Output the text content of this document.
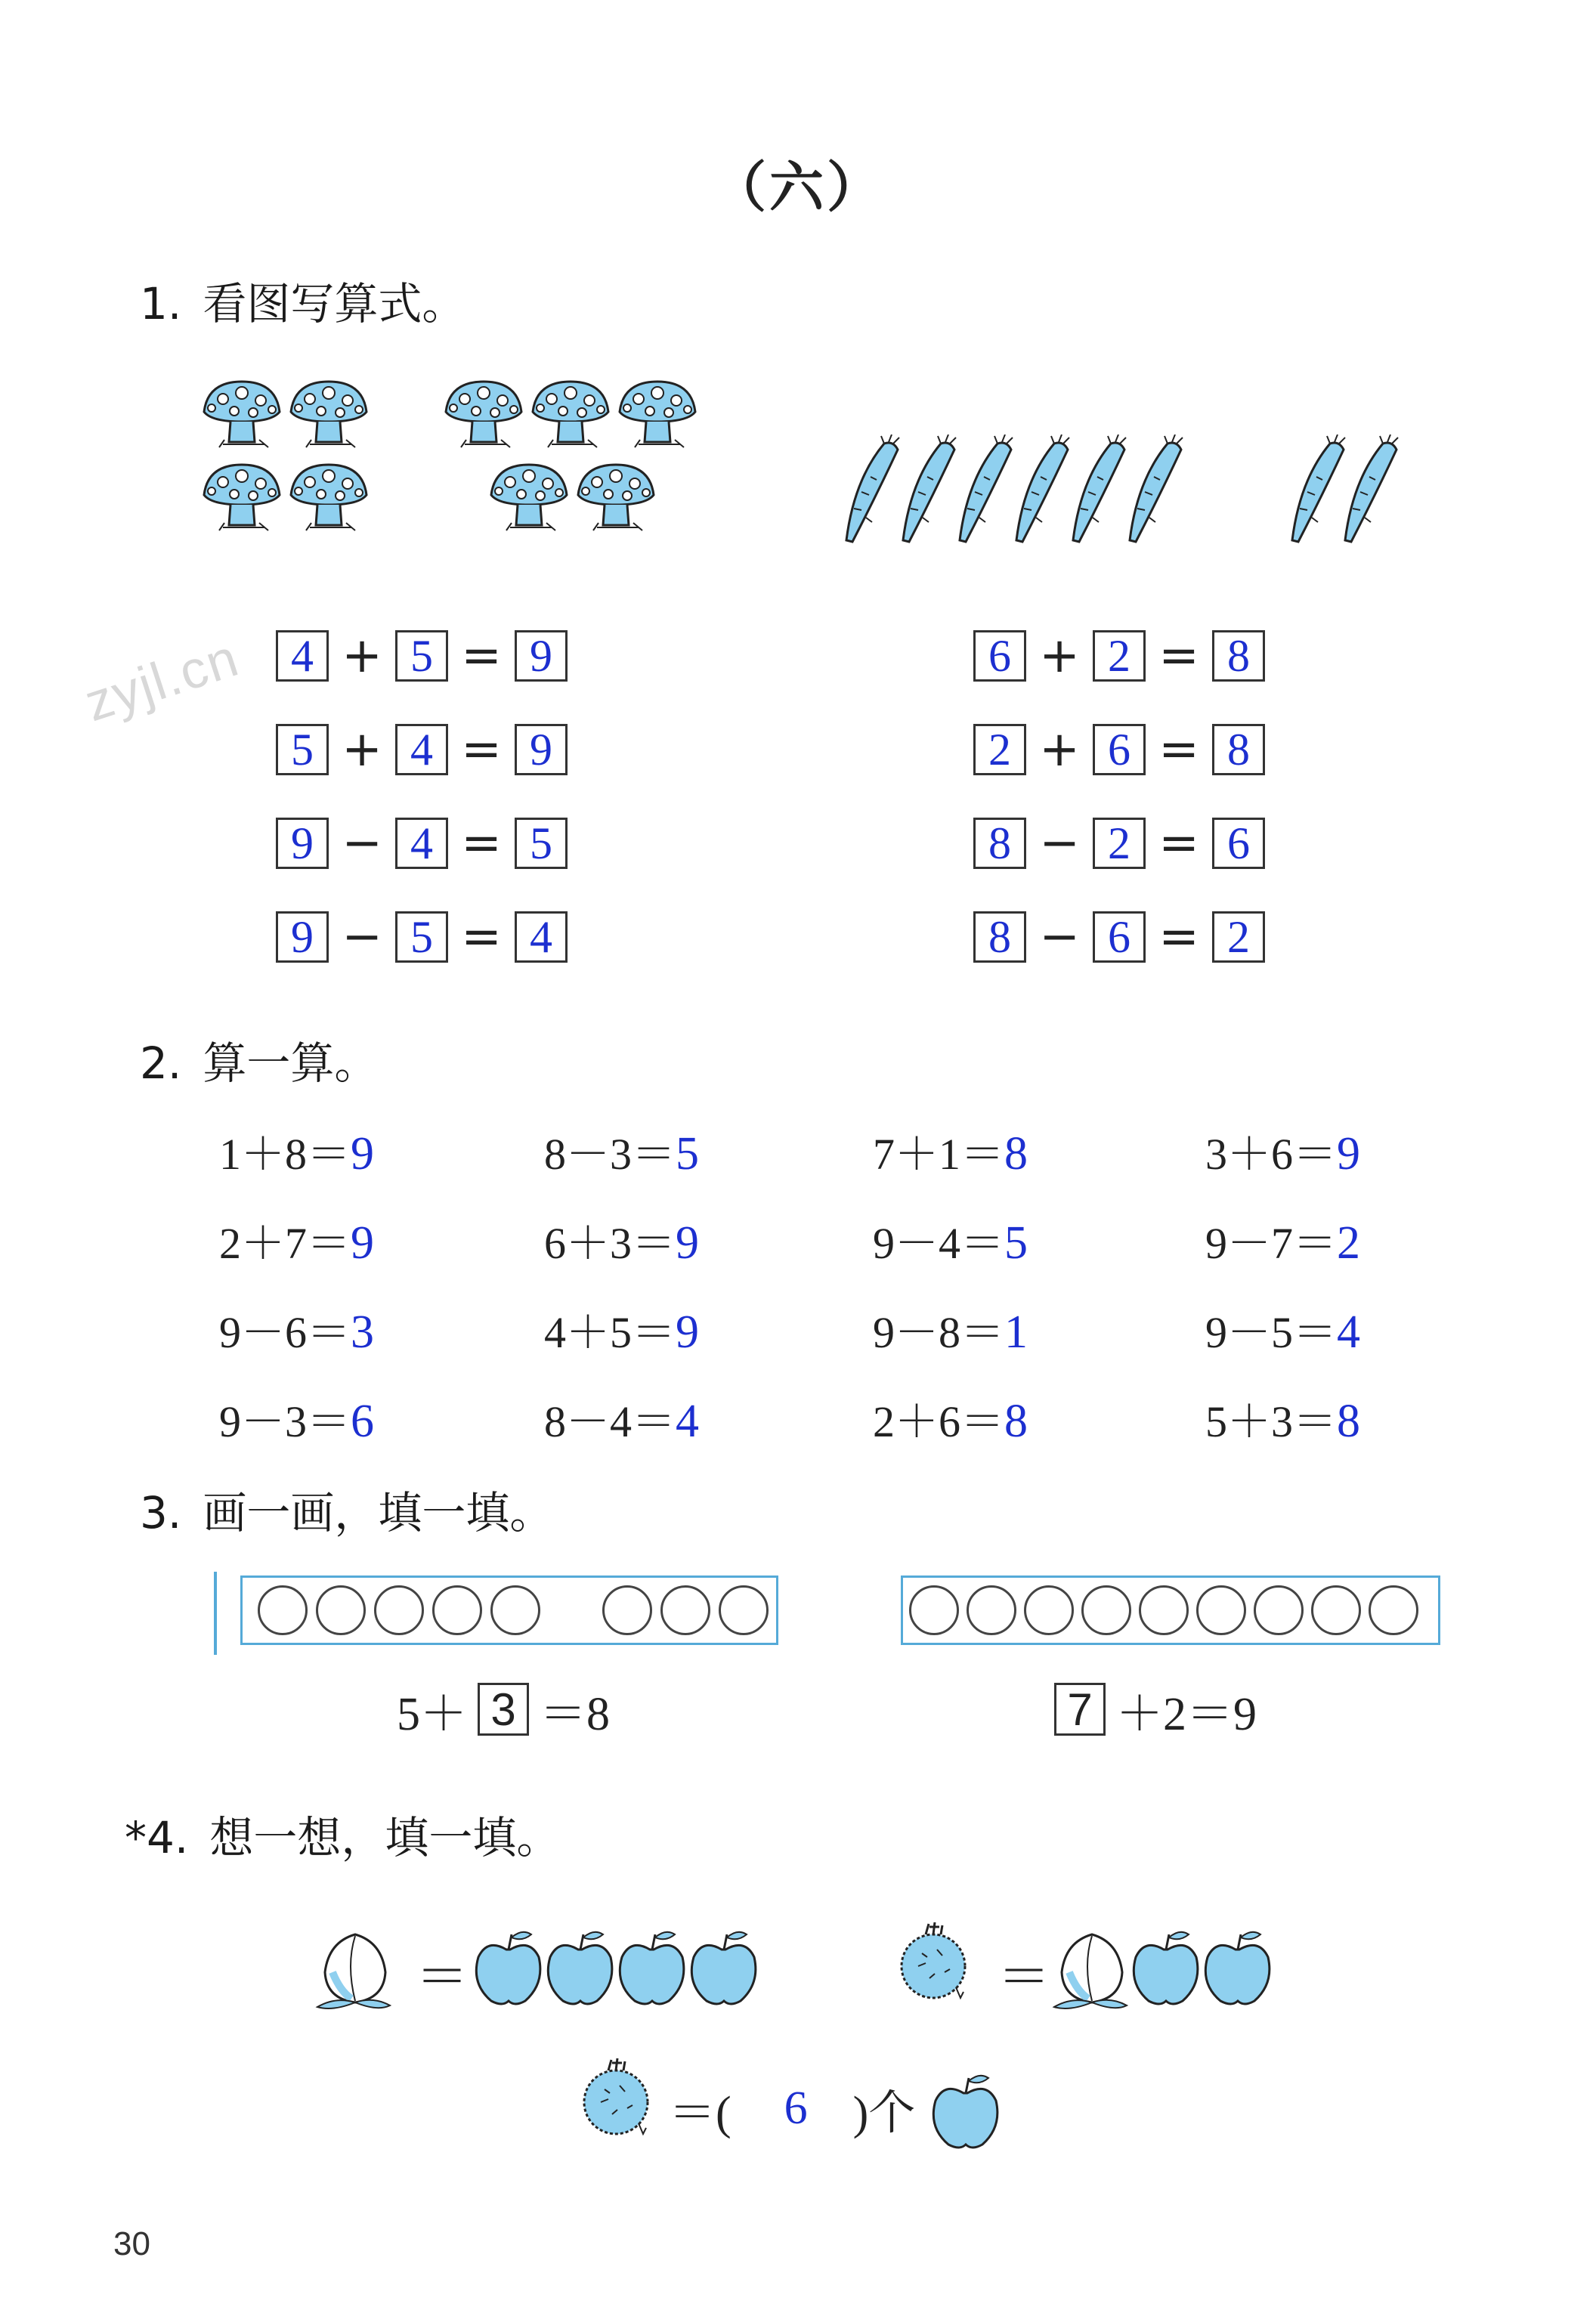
（六）
zyjl.cn
1. 看图写算式。
4 + 5 = 9
5 + 4 = 9
9 − 4 = 5
9 − 5 = 4
6 + 2 = 8
2 + 6 = 8
8 − 2 = 6
8 − 6 = 2
2. 算一算。
1＋8＝9	8－3＝5	7＋1＝8	3＋6＝9
2＋7＝9	6＋3＝9	9－4＝5	9－7＝2
9－6＝3	4＋5＝9	9－8＝1	9－5＝4
9－3＝6	8－4＝4	2＋6＝8	5＋3＝8
3. 画一画，填一填。
5＋ 3 ＝8	7 ＋2＝9
*4. 想一想，填一填。
＝	＝
＝( 6 )个
30
